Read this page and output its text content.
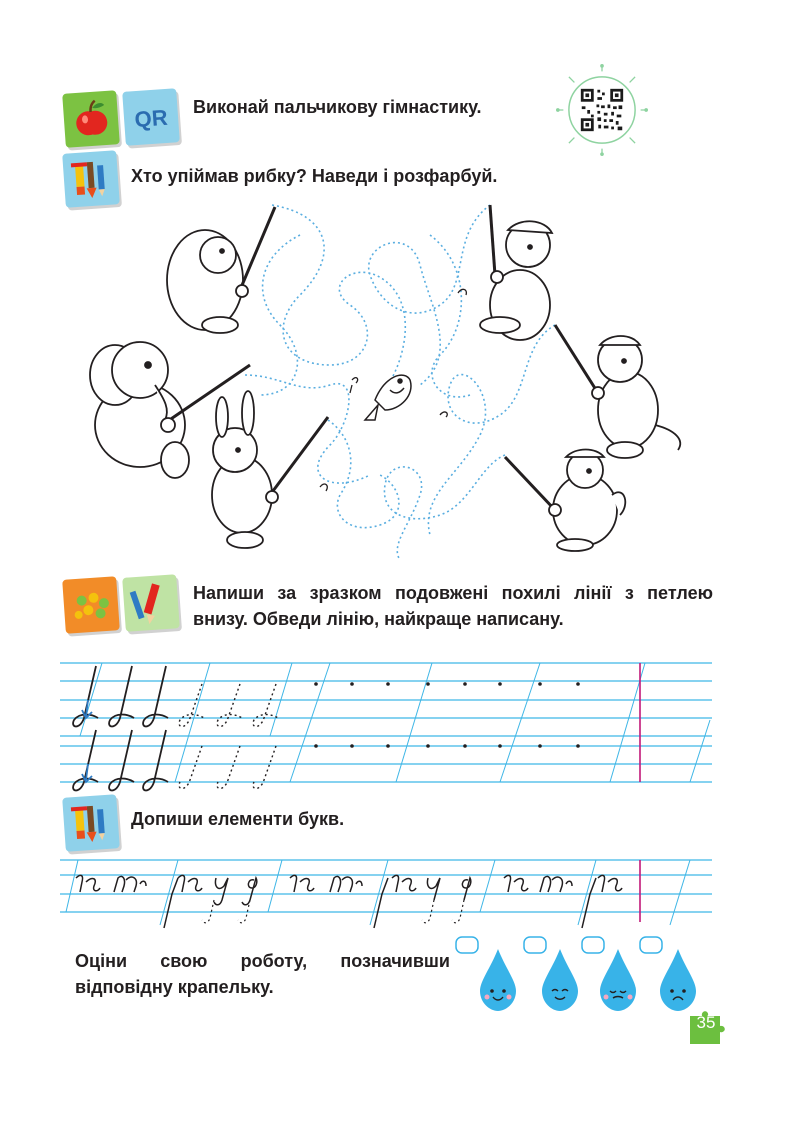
QR Виконай пальчикову гімнастику.
Хто упіймав рибку? Наведи і розфарбуй.
Напиши за зразком подовжені похилі лінії з петлею внизу. Обведи лінію, найкраще написану.
Допиши елементи букв.
Оціни свою роботу, позначивши відповідну крапельку.
35
